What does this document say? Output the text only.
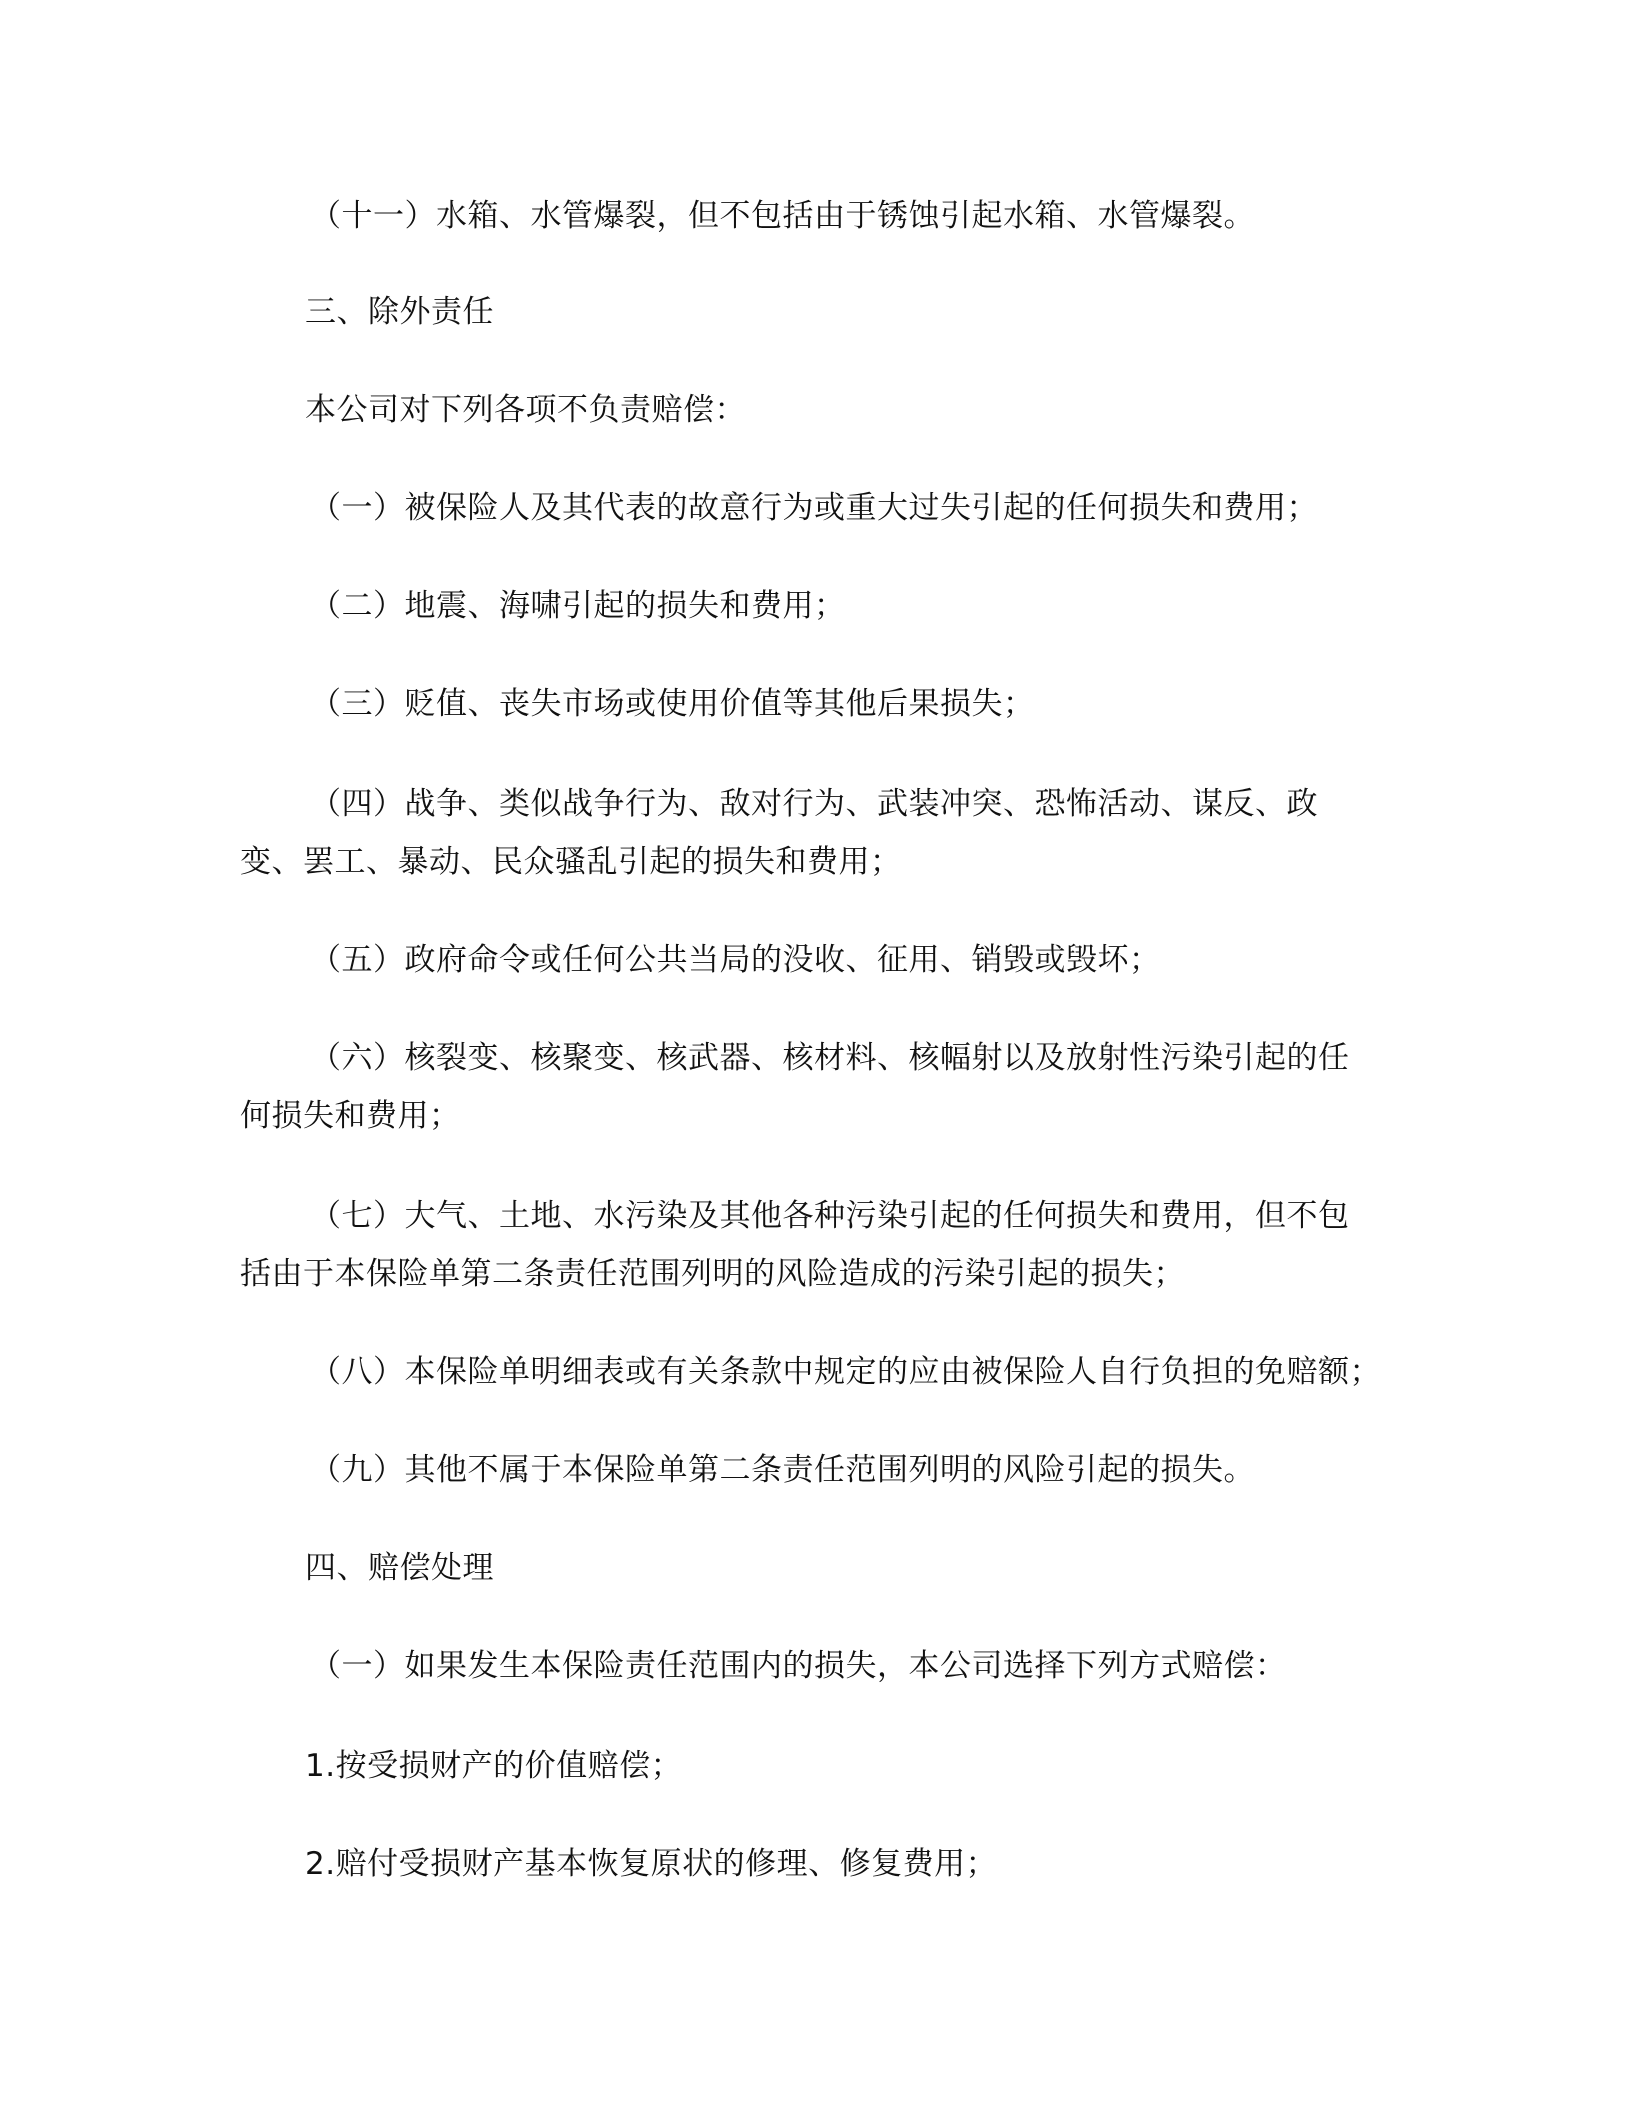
（十一）水箱、水管爆裂，但不包括由于锈蚀引起水箱、水管爆裂。
三、除外责任
本公司对下列各项不负责赔偿：
（一）被保险人及其代表的故意行为或重大过失引起的任何损失和费用；
（二）地震、海啸引起的损失和费用；
（三）贬值、丧失市场或使用价值等其他后果损失；
（四）战争、类似战争行为、敌对行为、武装冲突、恐怖活动、谋反、政
变、罢工、暴动、民众骚乱引起的损失和费用；
（五）政府命令或任何公共当局的没收、征用、销毁或毁坏；
（六）核裂变、核聚变、核武器、核材料、核幅射以及放射性污染引起的任
何损失和费用；
（七）大气、土地、水污染及其他各种污染引起的任何损失和费用，但不包
括由于本保险单第二条责任范围列明的风险造成的污染引起的损失；
（八）本保险单明细表或有关条款中规定的应由被保险人自行负担的免赔额；
（九）其他不属于本保险单第二条责任范围列明的风险引起的损失。
四、赔偿处理
（一）如果发生本保险责任范围内的损失，本公司选择下列方式赔偿：
1.按受损财产的价值赔偿；
2.赔付受损财产基本恢复原状的修理、修复费用；
